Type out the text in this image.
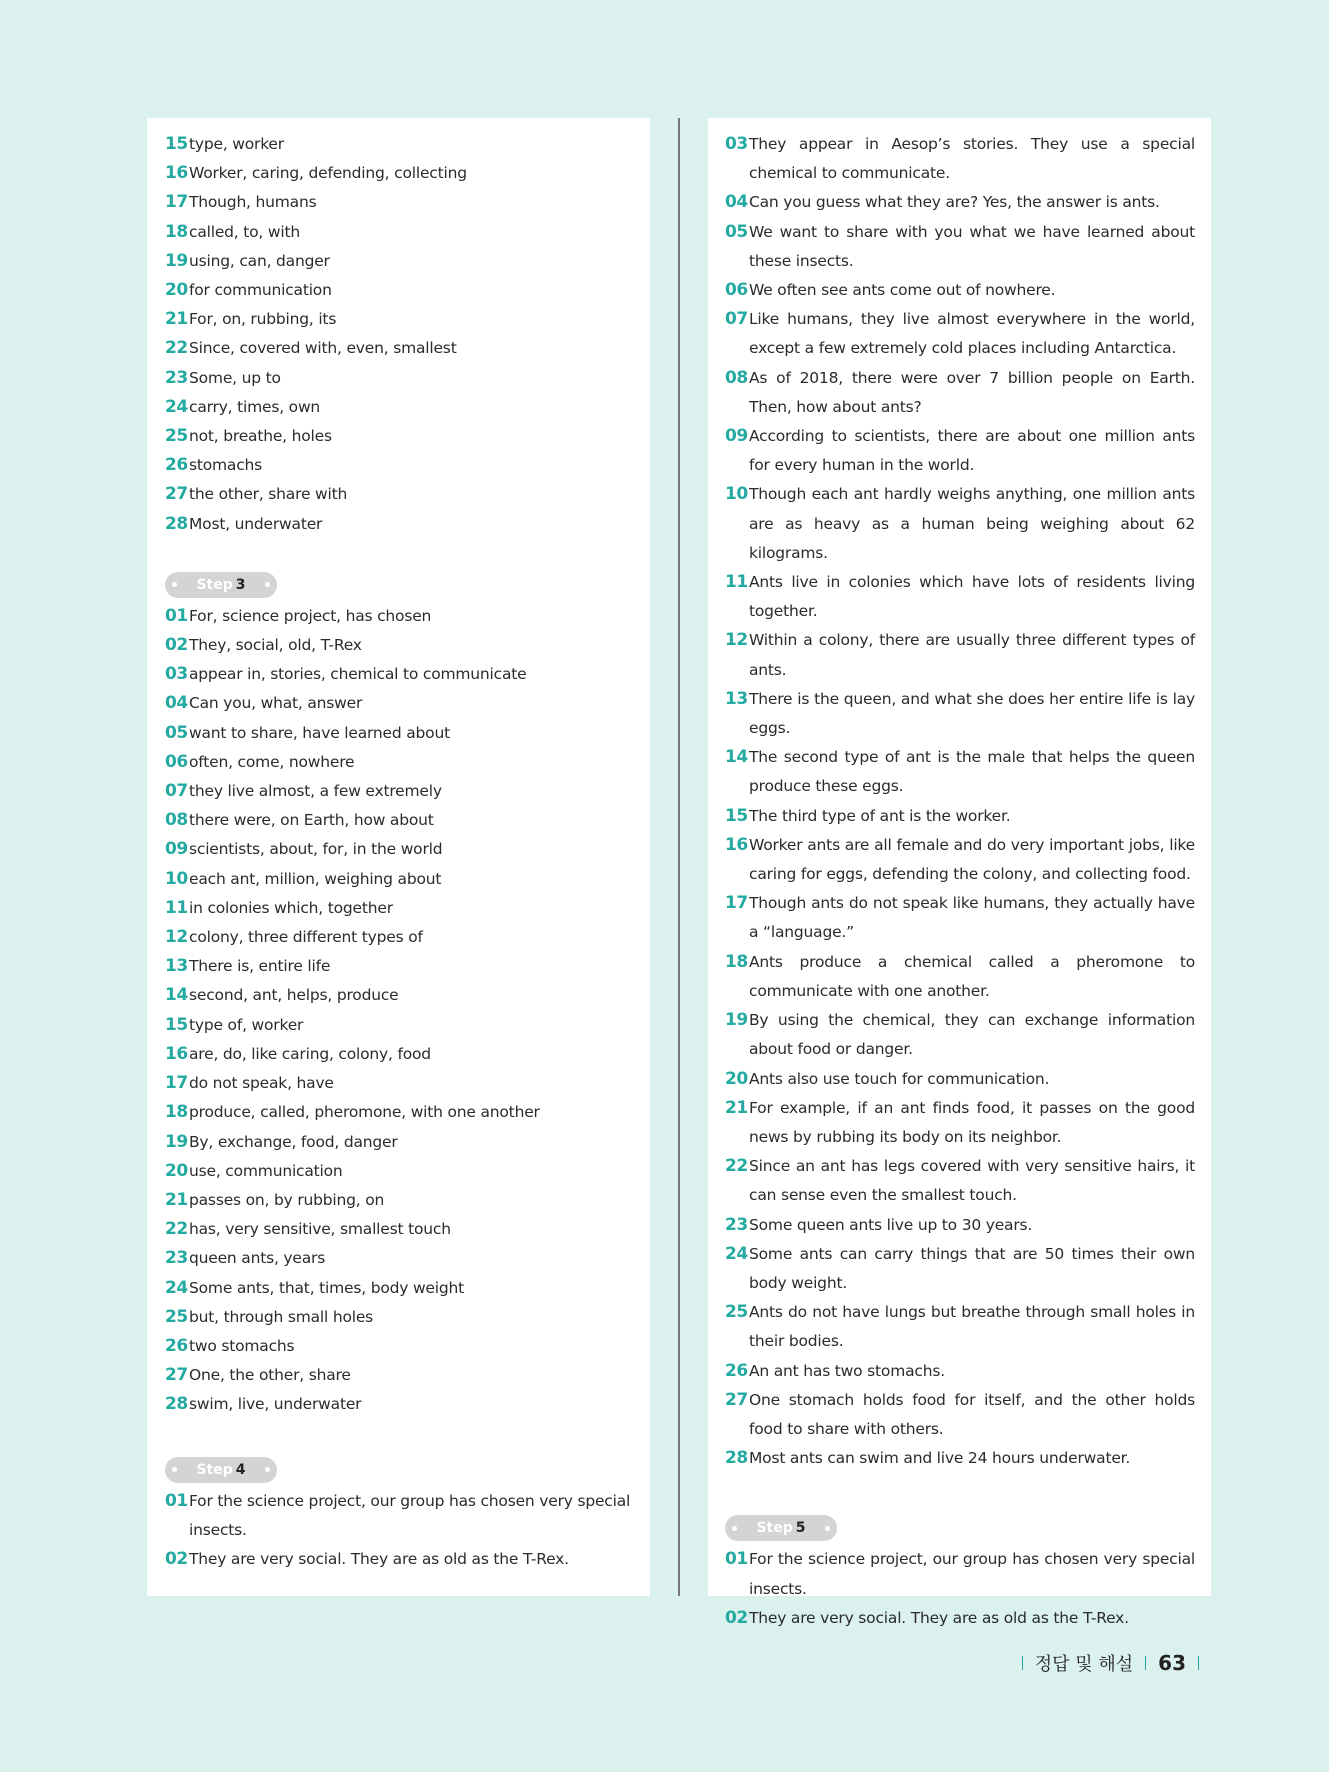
15 type, worker
16 Worker, caring, defending, collecting
17 Though, humans
18 called, to, with
19 using, can, danger
20 for communication
21 For, on, rubbing, its
22 Since, covered with, even, smallest
23 Some, up to
24 carry, times, own
25 not, breathe, holes
26 stomachs
27 the other, share with
28 Most, underwater
Step 3
01 For, science project, has chosen
02 They, social, old, T-Rex
03 appear in, stories, chemical to communicate
04 Can you, what, answer
05 want to share, have learned about
06 often, come, nowhere
07 they live almost, a few extremely
08 there were, on Earth, how about
09 scientists, about, for, in the world
10 each ant, million, weighing about
11 in colonies which, together
12 colony, three different types of
13 There is, entire life
14 second, ant, helps, produce
15 type of, worker
16 are, do, like caring, colony, food
17 do not speak, have
18 produce, called, pheromone, with one another
19 By, exchange, food, danger
20 use, communication
21 passes on, by rubbing, on
22 has, very sensitive, smallest touch
23 queen ants, years
24 Some ants, that, times, body weight
25 but, through small holes
26 two stomachs
27 One, the other, share
28 swim, live, underwater
Step 4
01 For the science project, our group has chosen very special insects.
02 They are very social. They are as old as the T-Rex.
03 They appear in Aesop’s stories. They use a special chemical to communicate.
04 Can you guess what they are? Yes, the answer is ants.
05 We want to share with you what we have learned about these insects.
06 We often see ants come out of nowhere.
07 Like humans, they live almost everywhere in the world, except a few extremely cold places including Antarctica.
08 As of 2018, there were over 7 billion people on Earth. Then, how about ants?
09 According to scientists, there are about one million ants for every human in the world.
10 Though each ant hardly weighs anything, one million ants are as heavy as a human being weighing about 62 kilograms.
11 Ants live in colonies which have lots of residents living together.
12 Within a colony, there are usually three different types of ants.
13 There is the queen, and what she does her entire life is lay eggs.
14 The second type of ant is the male that helps the queen produce these eggs.
15 The third type of ant is the worker.
16 Worker ants are all female and do very important jobs, like caring for eggs, defending the colony, and collecting food.
17 Though ants do not speak like humans, they actually have a “language.”
18 Ants produce a chemical called a pheromone to communicate with one another.
19 By using the chemical, they can exchange information about food or danger.
20 Ants also use touch for communication.
21 For example, if an ant finds food, it passes on the good news by rubbing its body on its neighbor.
22 Since an ant has legs covered with very sensitive hairs, it can sense even the smallest touch.
23 Some queen ants live up to 30 years.
24 Some ants can carry things that are 50 times their own body weight.
25 Ants do not have lungs but breathe through small holes in their bodies.
26 An ant has two stomachs.
27 One stomach holds food for itself, and the other holds food to share with others.
28 Most ants can swim and live 24 hours underwater.
Step 5
01 For the science project, our group has chosen very special insects.
02 They are very social. They are as old as the T-Rex.
정답 및 해설 63
